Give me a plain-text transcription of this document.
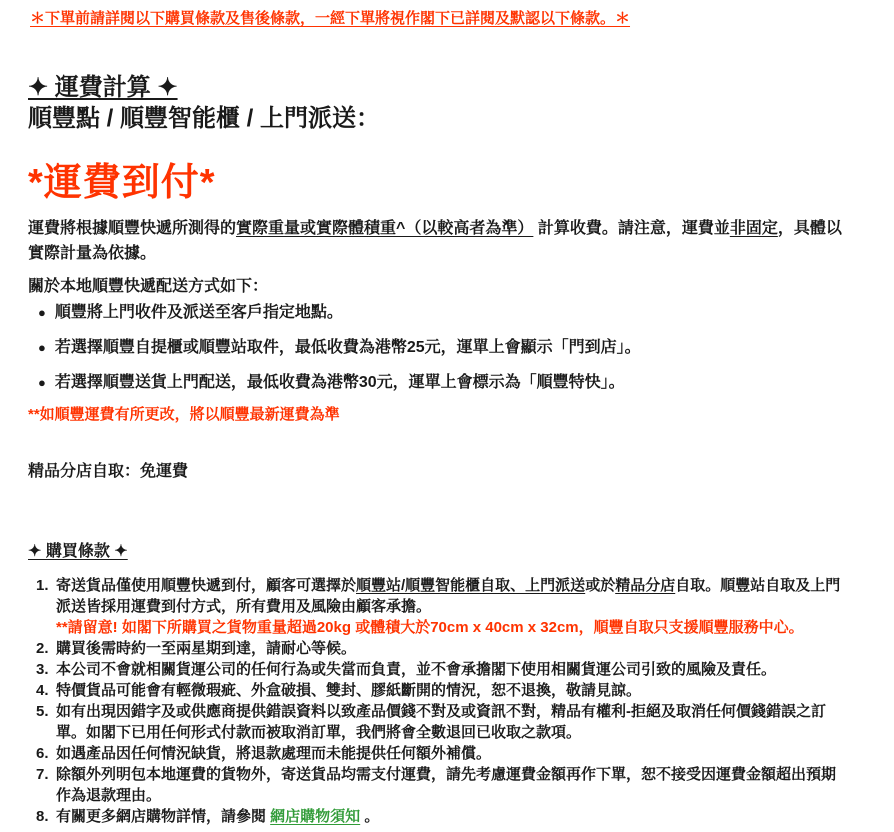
＊下單前請詳閱以下購買條款及售後條款，一經下單將視作閣下已詳閱及默認以下條款。＊
✦ 運費計算 ✦
順豐點 / 順豐智能櫃 / 上門派送：
*運費到付*
運費將根據順豐快遞所測得的實際重量或實際體積重^（以較高者為準） 計算收費。請注意，運費並非固定，具體以實際計量為依據。
關於本地順豐快遞配送方式如下：
● 順豐將上門收件及派送至客戶指定地點。
● 若選擇順豐自提櫃或順豐站取件，最低收費為港幣25元，運單上會顯示「門到店」。
● 若選擇順豐送貨上門配送，最低收費為港幣30元，運單上會標示為「順豐特快」。
**如順豐運費有所更改，將以順豐最新運費為準
精品分店自取：免運費
✦ 購買條款 ✦
1. 寄送貨品僅使用順豐快遞到付，顧客可選擇於順豐站/順豐智能櫃自取、上門派送或於精品分店自取。順豐站自取及上門派送皆採用運費到付方式，所有費用及風險由顧客承擔。
**請留意! 如閣下所購買之貨物重量超過20kg 或體積大於70cm x 40cm x 32cm，順豐自取只支援順豐服務中心。
2. 購買後需時約一至兩星期到達，請耐心等候。
3. 本公司不會就相關貨運公司的任何行為或失當而負責，並不會承擔閣下使用相關貨運公司引致的風險及責任。
4. 特價貨品可能會有輕微瑕疵、外盒破損、雙封、膠紙斷開的情況，恕不退換，敬請見諒。
5. 如有出現因錯字及或供應商提供錯誤資料以致產品價錢不對及或資訊不對，精品有權利-拒絕及取消任何價錢錯誤之訂單。如閣下已用任何形式付款而被取消訂單，我們將會全數退回已收取之款項。
6. 如遇產品因任何情況缺貨，將退款處理而未能提供任何額外補償。
7. 除額外列明包本地運費的貨物外，寄送貨品均需支付運費，請先考慮運費金額再作下單，恕不接受因運費金額超出預期作為退款理由。
8. 有關更多網店購物詳情，請參閱 網店購物須知 。
